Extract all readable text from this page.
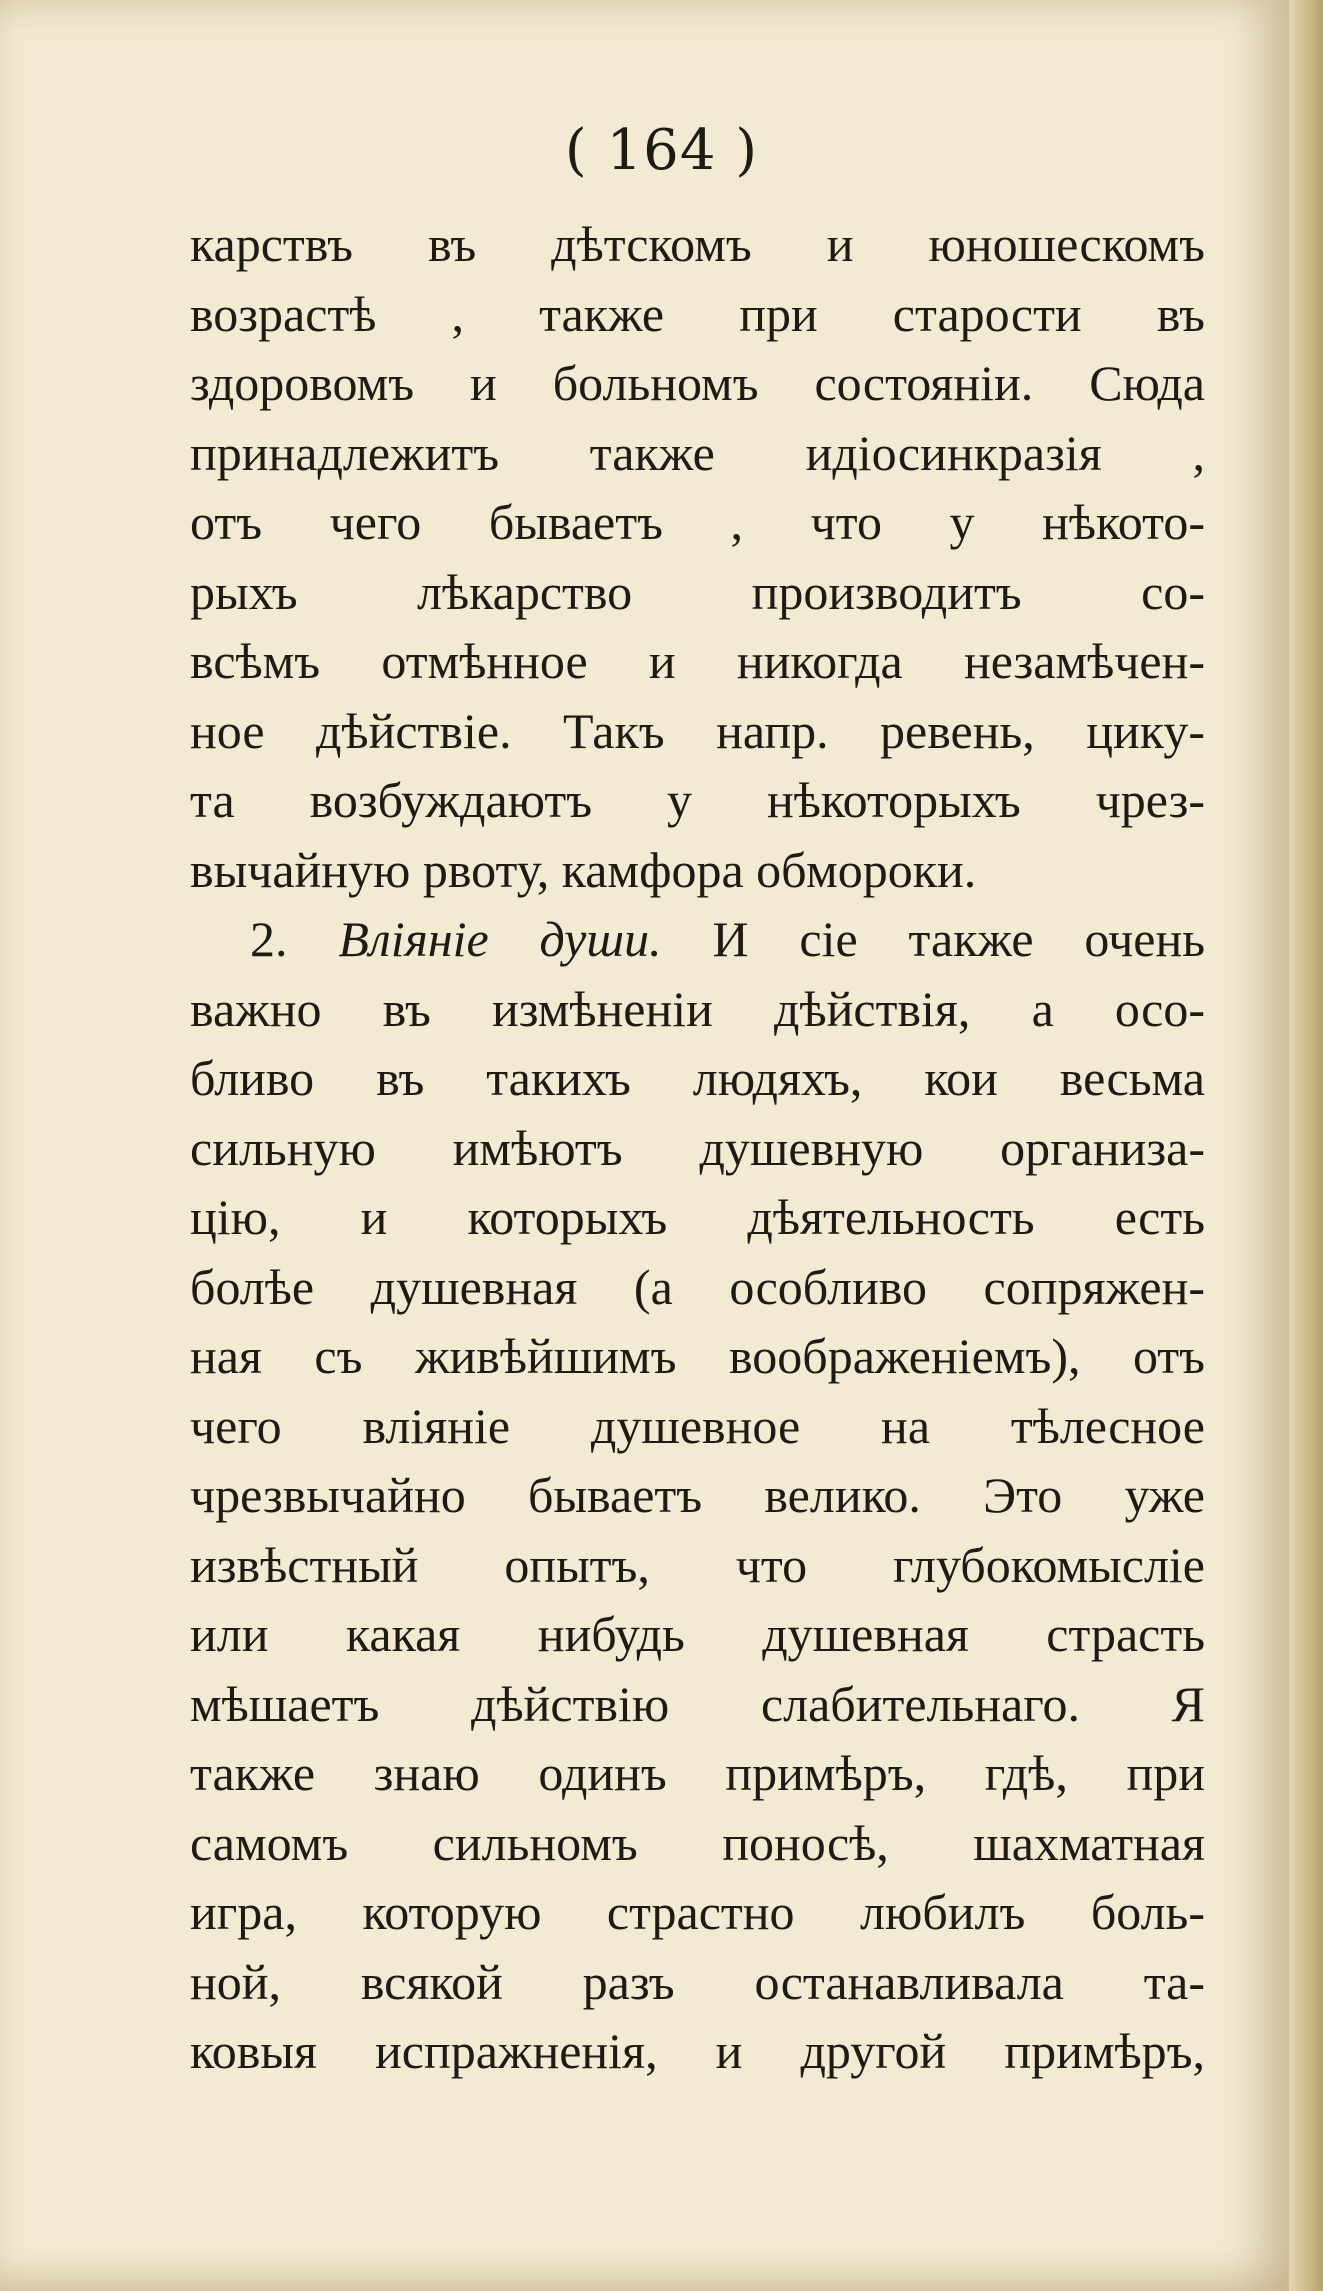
( 164 )
карствъ въ дѣтскомъ и юношескомъ
возрастѣ , также при старости въ
здоровомъ и больномъ состоянiи. Сюда
принадлежитъ также идiосинкразiя ,
отъ чего бываетъ , что у нѣкото-
рыхъ лѣкарство производитъ со-
всѣмъ отмѣнное и никогда незамѣчен-
ное дѣйствiе. Такъ напр. ревень, цику-
та возбуждаютъ у нѣкоторыхъ чрез-
вычайную рвоту, камфора обмороки.
2. Влiянiе души. И сiе также очень
важно въ измѣненiи дѣйствiя, а осо-
бливо въ такихъ людяхъ, кои весьма
сильную имѣютъ душевную организа-
цiю, и которыхъ дѣятельность есть
болѣе душевная (а особливо сопряжен-
ная съ живѣйшимъ воображенiемъ), отъ
чего влiянiе душевное на тѣлесное
чрезвычайно бываетъ велико. Это уже
извѣстный опытъ, что глубокомыслiе
или какая нибудь душевная страсть
мѣшаетъ дѣйствiю слабительнаго. Я
также знаю одинъ примѣръ, гдѣ, при
самомъ сильномъ поносѣ, шахматная
игра, которую страстно любилъ боль-
ной, всякой разъ останавливала та-
ковыя испражненiя, и другой примѣръ,
